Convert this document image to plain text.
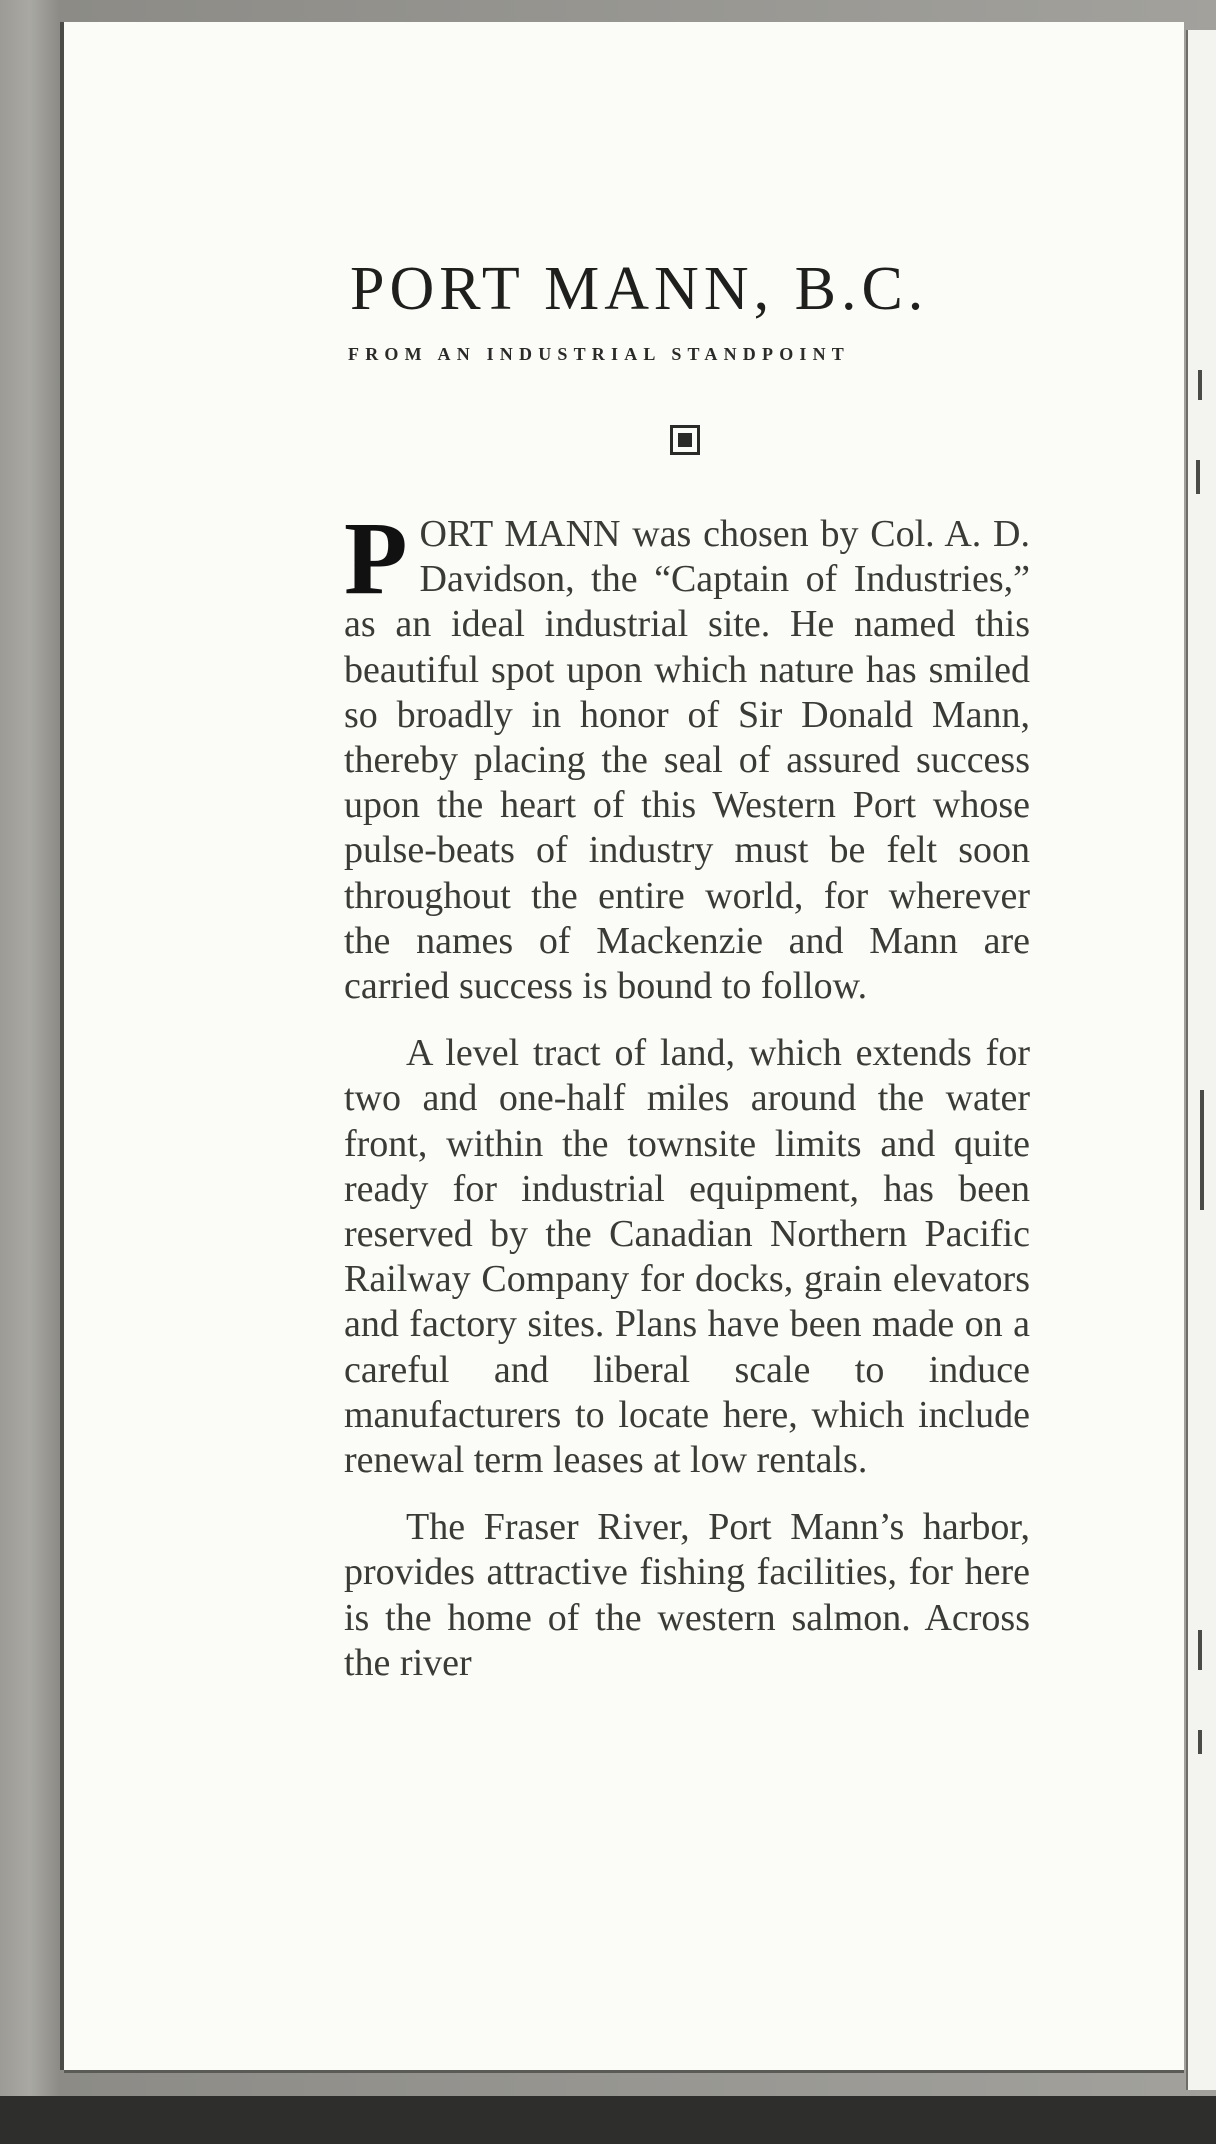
PORT MANN, B.C.
FROM AN INDUSTRIAL STANDPOINT

PORT MANN was chosen by Col. A. D. Davidson, the “Captain of Industries,” as an ideal industrial site. He named this beautiful spot upon which nature has smiled so broadly in honor of Sir Donald Mann, thereby placing the seal of assured success upon the heart of this Western Port whose pulse-beats of industry must be felt soon throughout the entire world, for wherever the names of Mackenzie and Mann are carried success is bound to follow.

A level tract of land, which extends for two and one-half miles around the water front, within the townsite limits and quite ready for industrial equipment, has been reserved by the Canadian Northern Pacific Railway Company for docks, grain elevators and factory sites. Plans have been made on a careful and liberal scale to induce manufacturers to locate here, which include renewal term leases at low rentals.

The Fraser River, Port Mann’s harbor, provides attractive fishing facilities, for here is the home of the western salmon. Across the river
